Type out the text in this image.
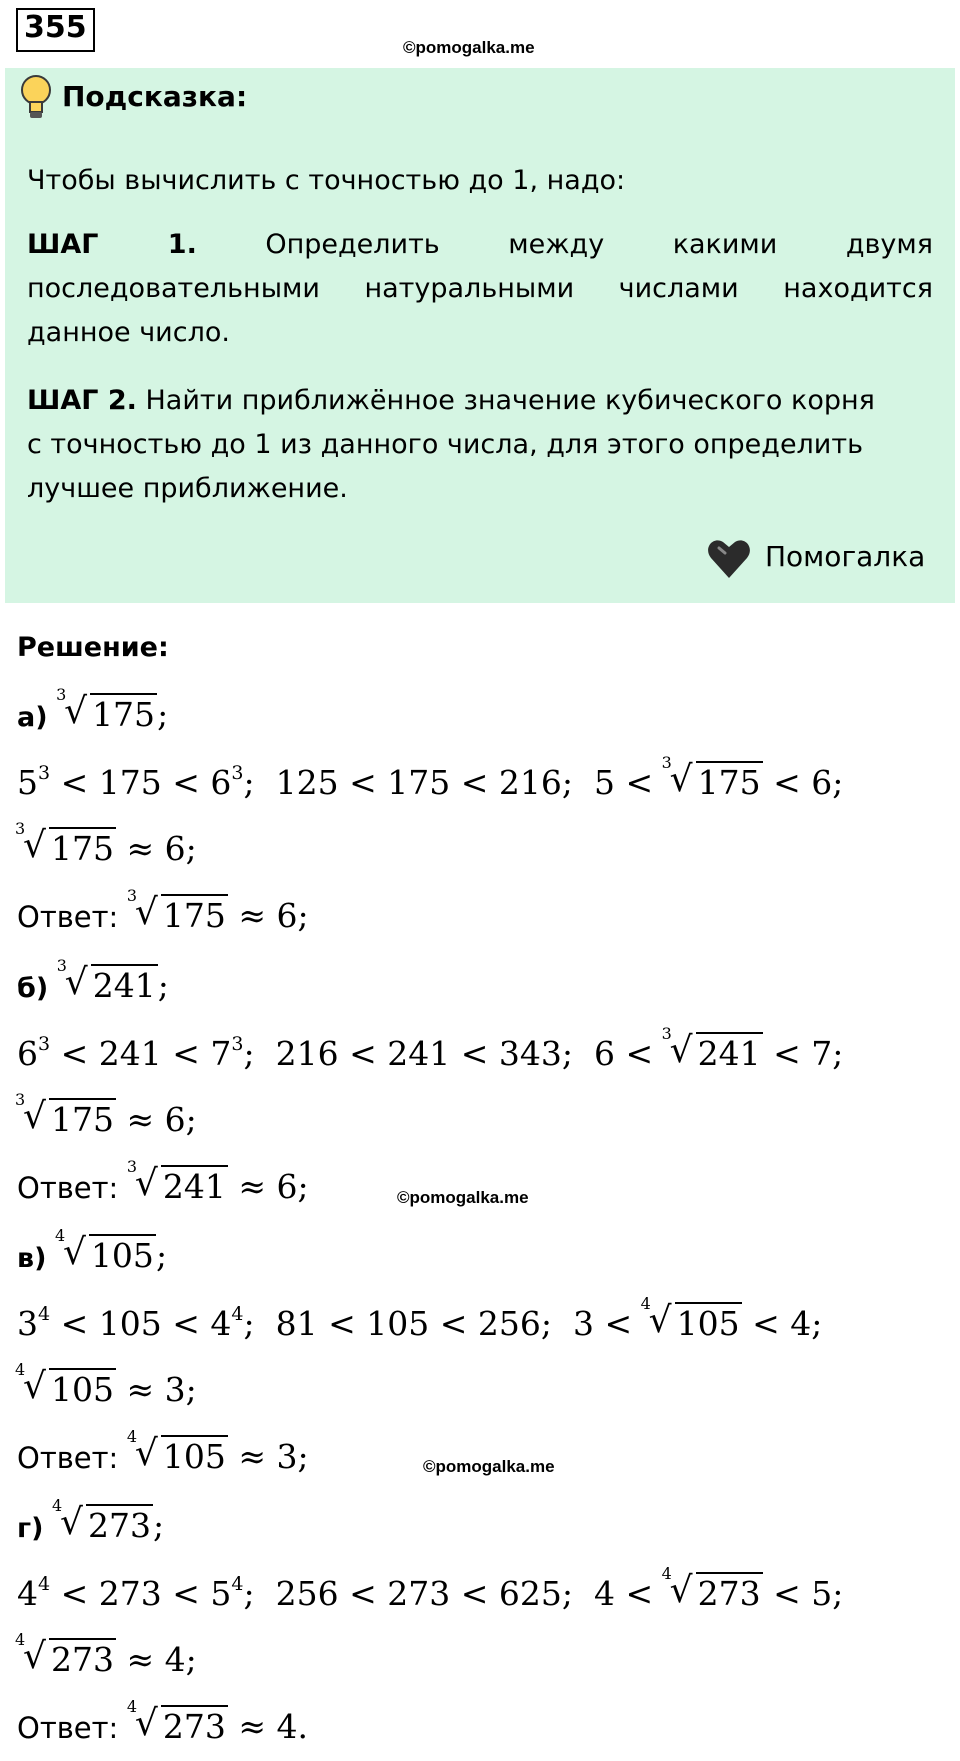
355
©pomogalka.me
Подсказка:
Чтобы вычислить с точностью до 1, надо:
ШАГ 1.	Определить между какими двумя
последовательными натуральными числами находится
данное число.
ШАГ 2. Найти приближённое значение кубического корня
с точностью до 1 из данного числа, для этого определить
лучшее приближение.
Помогалка
Решение:
а)
3
√ 175;
$5^3 < 175 < 6^3$;  125 < 175 < 216;  5 <
3
√ 175 < 6;
3
√ 175 ≈ 6;
Ответ:
3
√ 175 ≈ 6;
б)
3
√ 241;
$6^3 < 241 < 7^3$;  216 < 241 < 343;  6 <
3
√ 241 < 7;
3
√ 175 ≈ 6;
Ответ:
3
√ 241 ≈ 6;
в)
4
√ 105;
$3^4 < 105 < 4^4$;  81 < 105 < 256;  3 <
4
√ 105 < 4;
4
√ 105 ≈ 3;
Ответ:
4
√ 105 ≈ 3;
г)
4
√ 273;
$4^4 < 273 < 5^4$;  256 < 273 < 625;  4 <
4
√ 273 < 5;
4
√ 273 ≈ 4;
Ответ:
4
√ 273 ≈ 4.
©pomogalka.me
©pomogalka.me
